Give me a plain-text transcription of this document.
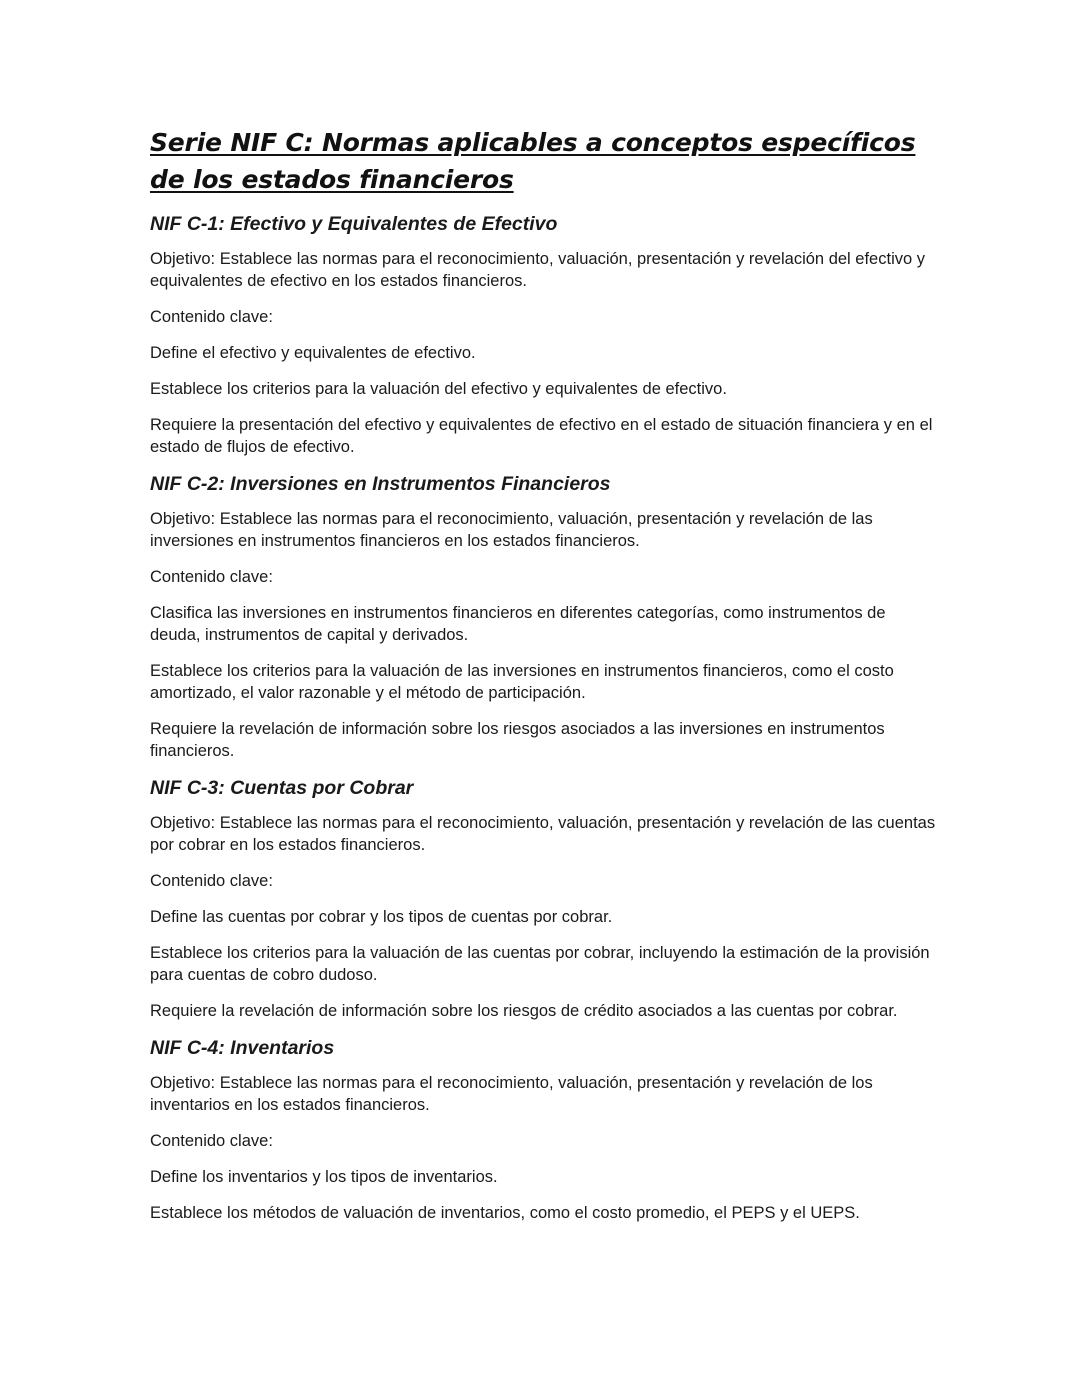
Serie NIF C: Normas aplicables a conceptos específicos de los estados financieros
NIF C-1: Efectivo y Equivalentes de Efectivo

Objetivo: Establece las normas para el reconocimiento, valuación, presentación y revelación del efectivo y equivalentes de efectivo en los estados financieros.

Contenido clave:

Define el efectivo y equivalentes de efectivo.

Establece los criterios para la valuación del efectivo y equivalentes de efectivo.

Requiere la presentación del efectivo y equivalentes de efectivo en el estado de situación financiera y en el estado de flujos de efectivo.

NIF C-2: Inversiones en Instrumentos Financieros

Objetivo: Establece las normas para el reconocimiento, valuación, presentación y revelación de las inversiones en instrumentos financieros en los estados financieros.

Contenido clave:

Clasifica las inversiones en instrumentos financieros en diferentes categorías, como instrumentos de deuda, instrumentos de capital y derivados.

Establece los criterios para la valuación de las inversiones en instrumentos financieros, como el costo amortizado, el valor razonable y el método de participación.

Requiere la revelación de información sobre los riesgos asociados a las inversiones en instrumentos financieros.

NIF C-3: Cuentas por Cobrar

Objetivo: Establece las normas para el reconocimiento, valuación, presentación y revelación de las cuentas por cobrar en los estados financieros.

Contenido clave:

Define las cuentas por cobrar y los tipos de cuentas por cobrar.

Establece los criterios para la valuación de las cuentas por cobrar, incluyendo la estimación de la provisión para cuentas de cobro dudoso.

Requiere la revelación de información sobre los riesgos de crédito asociados a las cuentas por cobrar.

NIF C-4: Inventarios

Objetivo: Establece las normas para el reconocimiento, valuación, presentación y revelación de los inventarios en los estados financieros.

Contenido clave:

Define los inventarios y los tipos de inventarios.

Establece los métodos de valuación de inventarios, como el costo promedio, el PEPS y el UEPS.
